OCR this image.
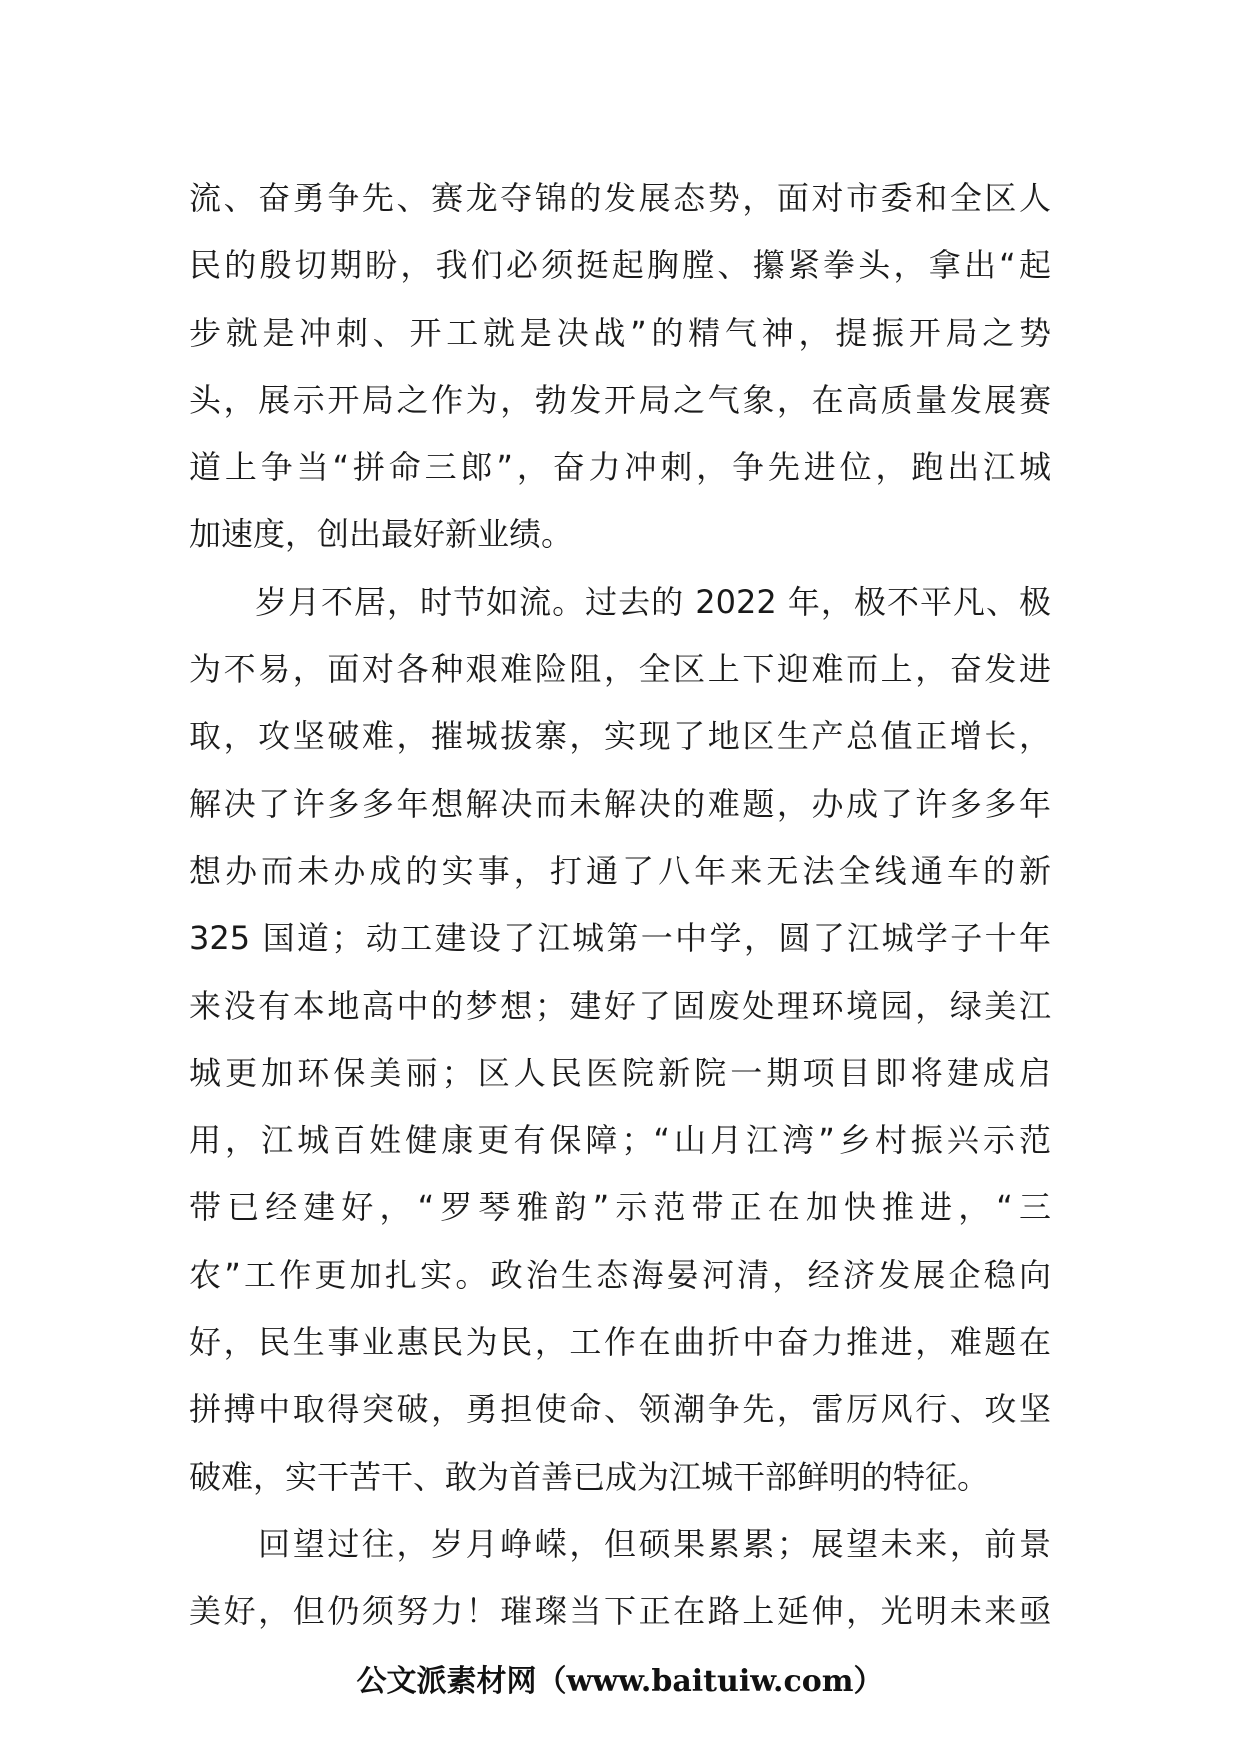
流、奋勇争先、赛龙夺锦的发展态势，面对市委和全区人
民的殷切期盼，我们必须挺起胸膛、攥紧拳头，拿出“起
步就是冲刺、开工就是决战”的精气神，提振开局之势
头，展示开局之作为，勃发开局之气象，在高质量发展赛
道上争当“拼命三郎”，奋力冲刺，争先进位，跑出江城
加速度，创出最好新业绩。
　　岁月不居，时节如流。过去的 2022 年，极不平凡、极
为不易，面对各种艰难险阻，全区上下迎难而上，奋发进
取，攻坚破难，摧城拔寨，实现了地区生产总值正增长，
解决了许多多年想解决而未解决的难题，办成了许多多年
想办而未办成的实事，打通了八年来无法全线通车的新
325 国道；动工建设了江城第一中学，圆了江城学子十年
来没有本地高中的梦想；建好了固废处理环境园，绿美江
城更加环保美丽；区人民医院新院一期项目即将建成启
用，江城百姓健康更有保障；“山月江湾”乡村振兴示范
带已经建好，“罗琴雅韵”示范带正在加快推进，“三
农”工作更加扎实。政治生态海晏河清，经济发展企稳向
好，民生事业惠民为民，工作在曲折中奋力推进，难题在
拼搏中取得突破，勇担使命、领潮争先，雷厉风行、攻坚
破难，实干苦干、敢为首善已成为江城干部鲜明的特征。
　　回望过往，岁月峥嵘，但硕果累累；展望未来，前景
美好，但仍须努力！璀璨当下正在路上延伸，光明未来亟
公文派素材网（www.baituiw.com）
